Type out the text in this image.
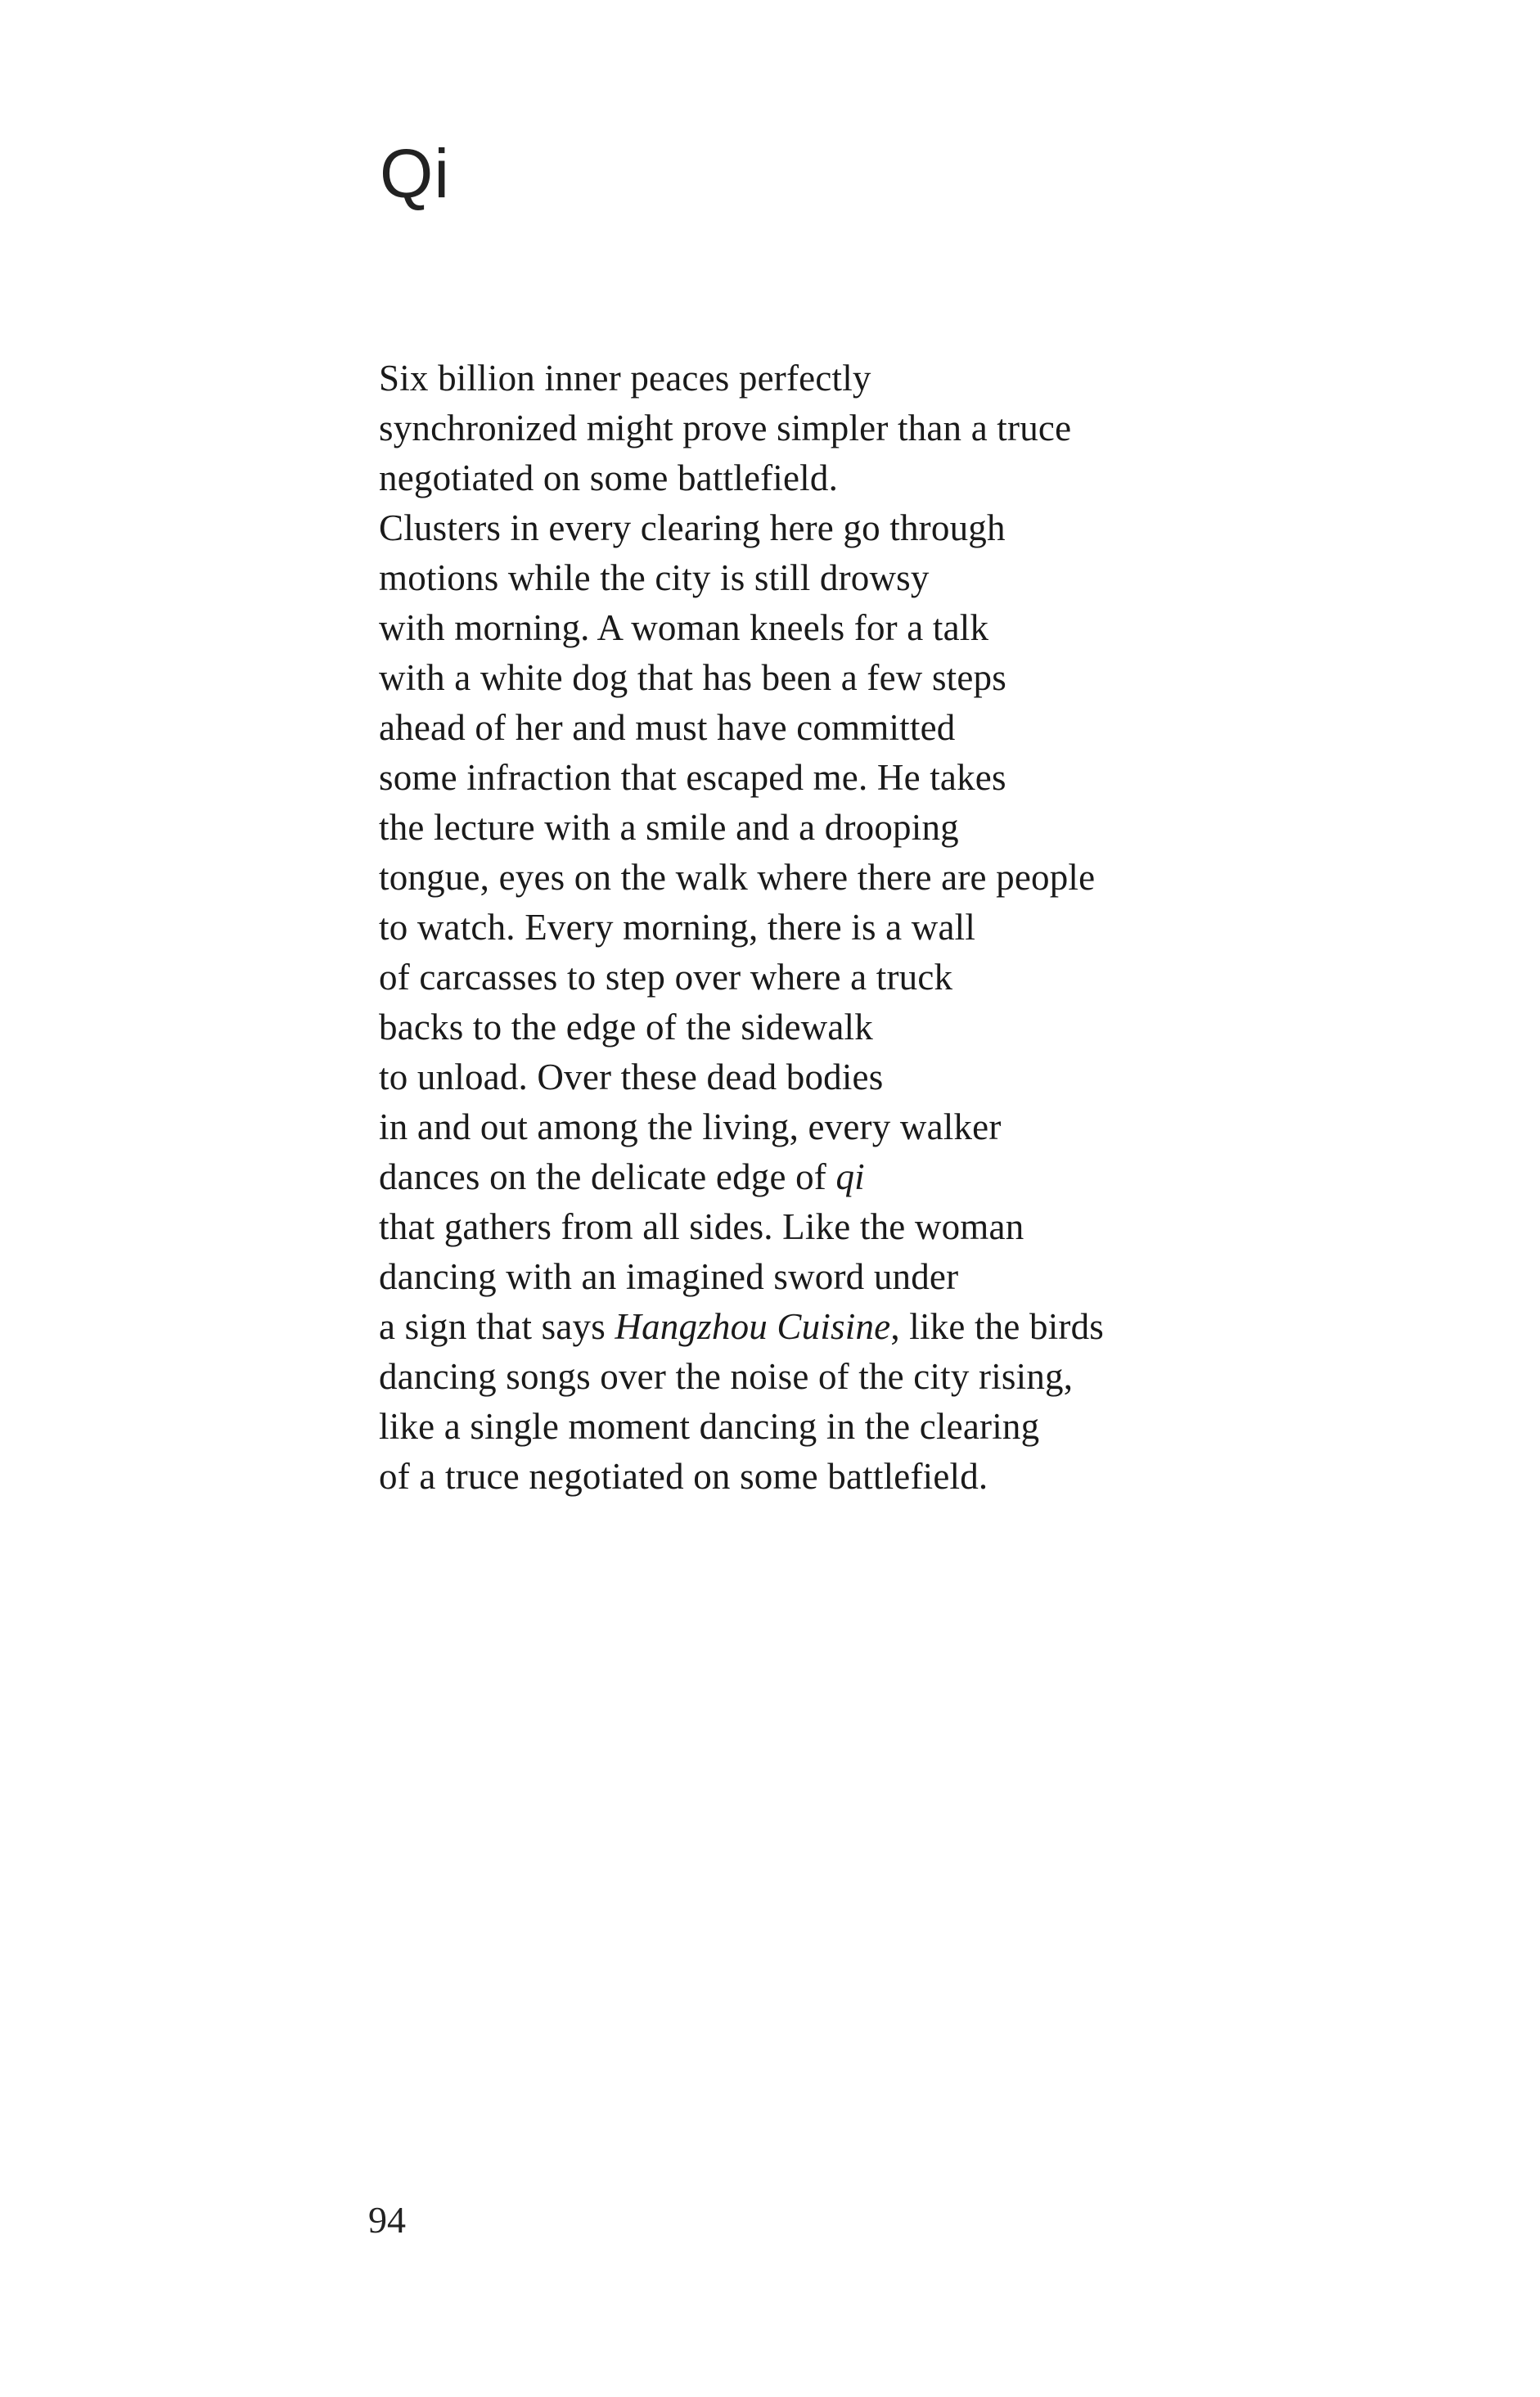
Qi
Six billion inner peaces perfectly
synchronized might prove simpler than a truce
negotiated on some battlefield.
Clusters in every clearing here go through
motions while the city is still drowsy
with morning. A woman kneels for a talk
with a white dog that has been a few steps
ahead of her and must have committed
some infraction that escaped me. He takes
the lecture with a smile and a drooping
tongue, eyes on the walk where there are people
to watch. Every morning, there is a wall
of carcasses to step over where a truck
backs to the edge of the sidewalk
to unload. Over these dead bodies
in and out among the living, every walker
dances on the delicate edge of qi
that gathers from all sides. Like the woman
dancing with an imagined sword under
a sign that says Hangzhou Cuisine, like the birds
dancing songs over the noise of the city rising,
like a single moment dancing in the clearing
of a truce negotiated on some battlefield.
94
